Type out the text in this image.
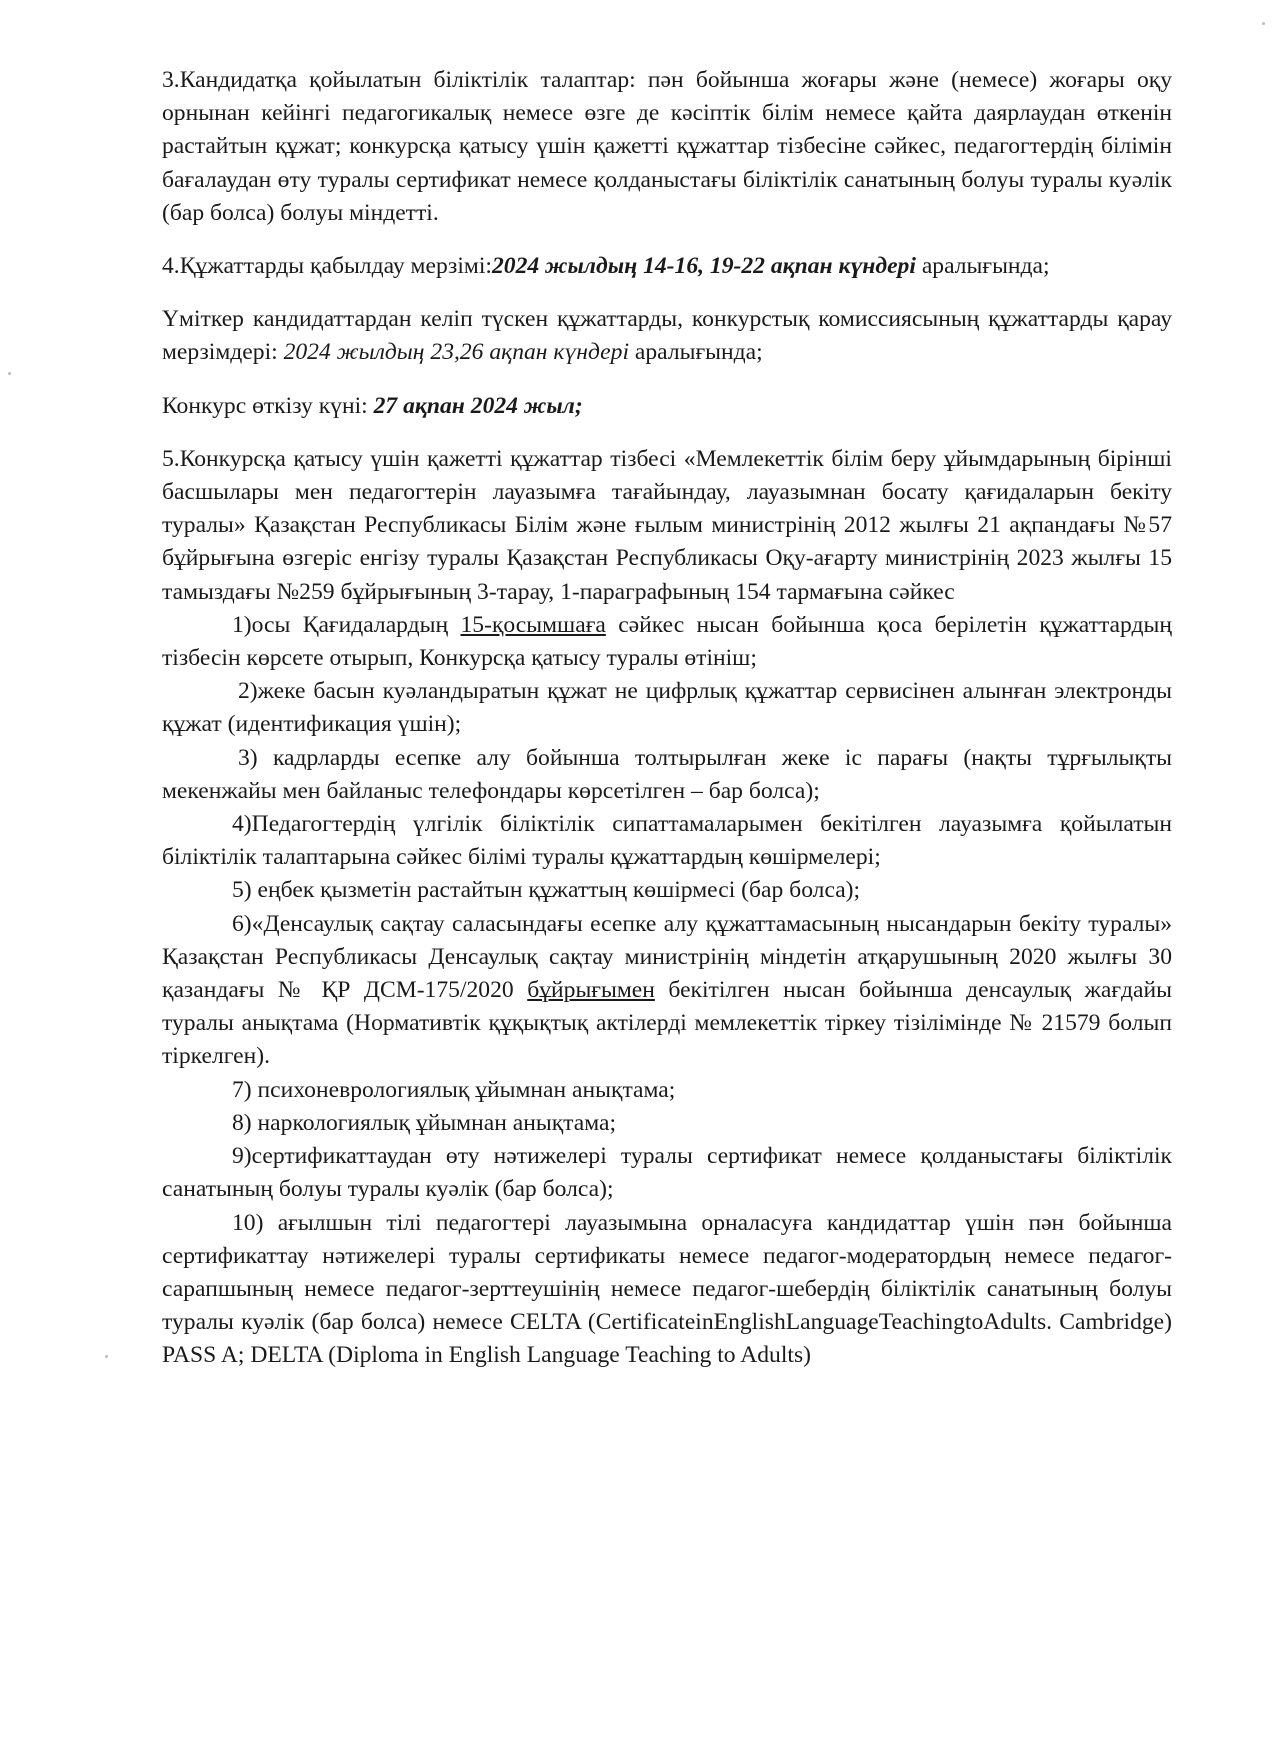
3.Кандидатқа қойылатын біліктілік талаптар: пән бойынша жоғары және (немесе) жоғары оқу орнынан кейінгі педагогикалық немесе өзге де кәсіптік білім немесе қайта даярлаудан өткенін растайтын құжат; конкурсқа қатысу үшін қажетті құжаттар тізбесіне сәйкес, педагогтердің білімін бағалаудан өту туралы сертификат немесе қолданыстағы біліктілік санатының болуы туралы куәлік (бар болса) болуы міндетті.

4.Құжаттарды қабылдау мерзімі:2024 жылдың 14-16, 19-22 ақпан күндері аралығында;

Үміткер кандидаттардан келіп түскен құжаттарды, конкурстық комиссиясының құжаттарды қарау мерзімдері: 2024 жылдың 23,26 ақпан күндері аралығында;

Конкурс өткізу күні: 27 ақпан 2024 жыл;

5.Конкурсқа қатысу үшін қажетті құжаттар тізбесі «Мемлекеттік білім беру ұйымдарының бірінші басшылары мен педагогтерін лауазымға тағайындау, лауазымнан босату қағидаларын бекіту туралы» Қазақстан Республикасы Білім және ғылым министрінің 2012 жылғы 21 ақпандағы №57 бұйрығына өзгеріс енгізу туралы Қазақстан Республикасы Оқу-ағарту министрінің 2023 жылғы 15 тамыздағы №259 бұйрығының 3-тарау, 1-параграфының 154 тармағына сәйкес

1)осы Қағидалардың 15-қосымшаға сәйкес нысан бойынша қоса берілетін құжаттардың тізбесін көрсете отырып, Конкурсқа қатысу туралы өтініш;

2)жеке басын куәландыратын құжат не цифрлық құжаттар сервисінен алынған электронды құжат (идентификация үшін);

3) кадрларды есепке алу бойынша толтырылған жеке іс парағы (нақты тұрғылықты мекенжайы мен байланыс телефондары көрсетілген – бар болса);

4)Педагогтердің үлгілік біліктілік сипаттамаларымен бекітілген лауазымға қойылатын біліктілік талаптарына сәйкес білімі туралы құжаттардың көшірмелері;

5) еңбек қызметін растайтын құжаттың көшірмесі (бар болса);

6)«Денсаулық сақтау саласындағы есепке алу құжаттамасының нысандарын бекіту туралы» Қазақстан Республикасы Денсаулық сақтау министрінің міндетін атқарушының 2020 жылғы 30 қазандағы № ҚР ДСМ-175/2020 бұйрығымен бекітілген нысан бойынша денсаулық жағдайы туралы анықтама (Нормативтік құқықтық актілерді мемлекеттік тіркеу тізілімінде № 21579 болып тіркелген).

7) психоневрологиялық ұйымнан анықтама;

8) наркологиялық ұйымнан анықтама;

9)сертификаттаудан өту нәтижелері туралы сертификат немесе қолданыстағы біліктілік санатының болуы туралы куәлік (бар болса);

10) ағылшын тілі педагогтері лауазымына орналасуға кандидаттар үшін пән бойынша сертификаттау нәтижелері туралы сертификаты немесе педагог-модератордың немесе педагог-сарапшының немесе педагог-зерттеушінің немесе педагог-шебердің біліктілік санатының болуы туралы куәлік (бар болса) немесе CELTA (CertificateinEnglishLanguageTeachingtoAdults. Cambridge) PASS A; DELTA (Diploma in English Language Teaching to Adults)
